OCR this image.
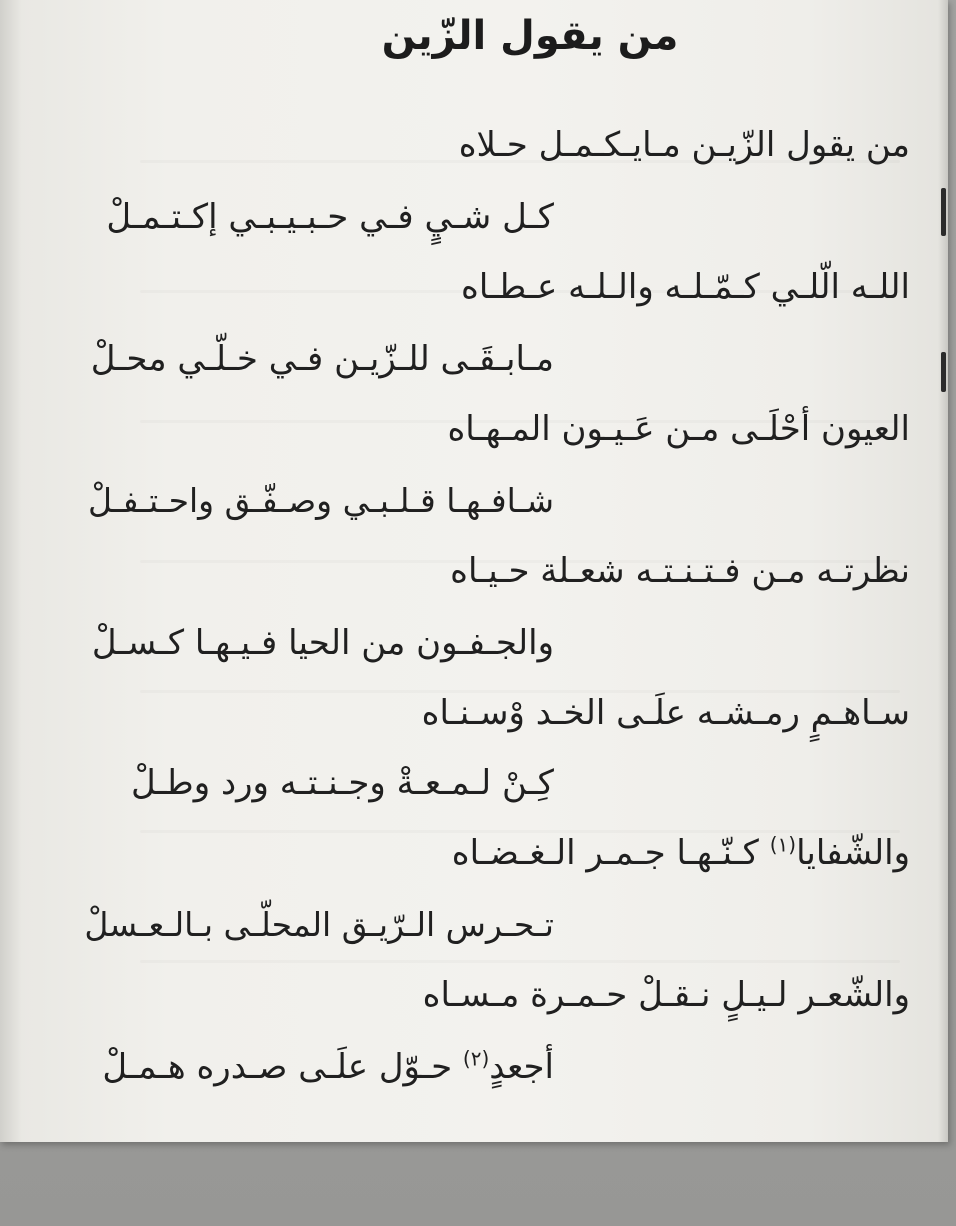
من يقول الزّين
من يقول الزّيـن مـايـكـمـل حـلاه
كـل شـيٍ فـي حـبـيـبـي إكـتـمـلْ
اللـه الّلـي كـمّـلـه والـلـه عـطـاه
مـابـقَـى للـزّيـن فـي خـلّـي محـلْ
العيون أحْلَـى مـن عَـيـون المـهـاه
شـافـهـا قـلـبـي وصـفّـق واحـتـفـلْ
نظرتـه مـن فـتـنـتـه شعـلة حـيـاه
والجـفـون من الحيا فـيـهـا كـسـلْ
سـاهـمٍ رمـشـه علَـى الخـد وْسـنـاه
كِـنْ لـمـعـةْ وجـنـتـه ورد وطـلْ
والشّفايا$^{(١)}$ كـنّـهـا جـمـر الـغـضـاه
تـحـرس الـرّيـق المحلّـى بـالـعـسلْ
والشّعـر لـيـلٍ نـقـلْ حـمـرة مـسـاه
أجعدٍ$^{(٢)}$ حـوّل علَـى صـدره هـمـلْ
